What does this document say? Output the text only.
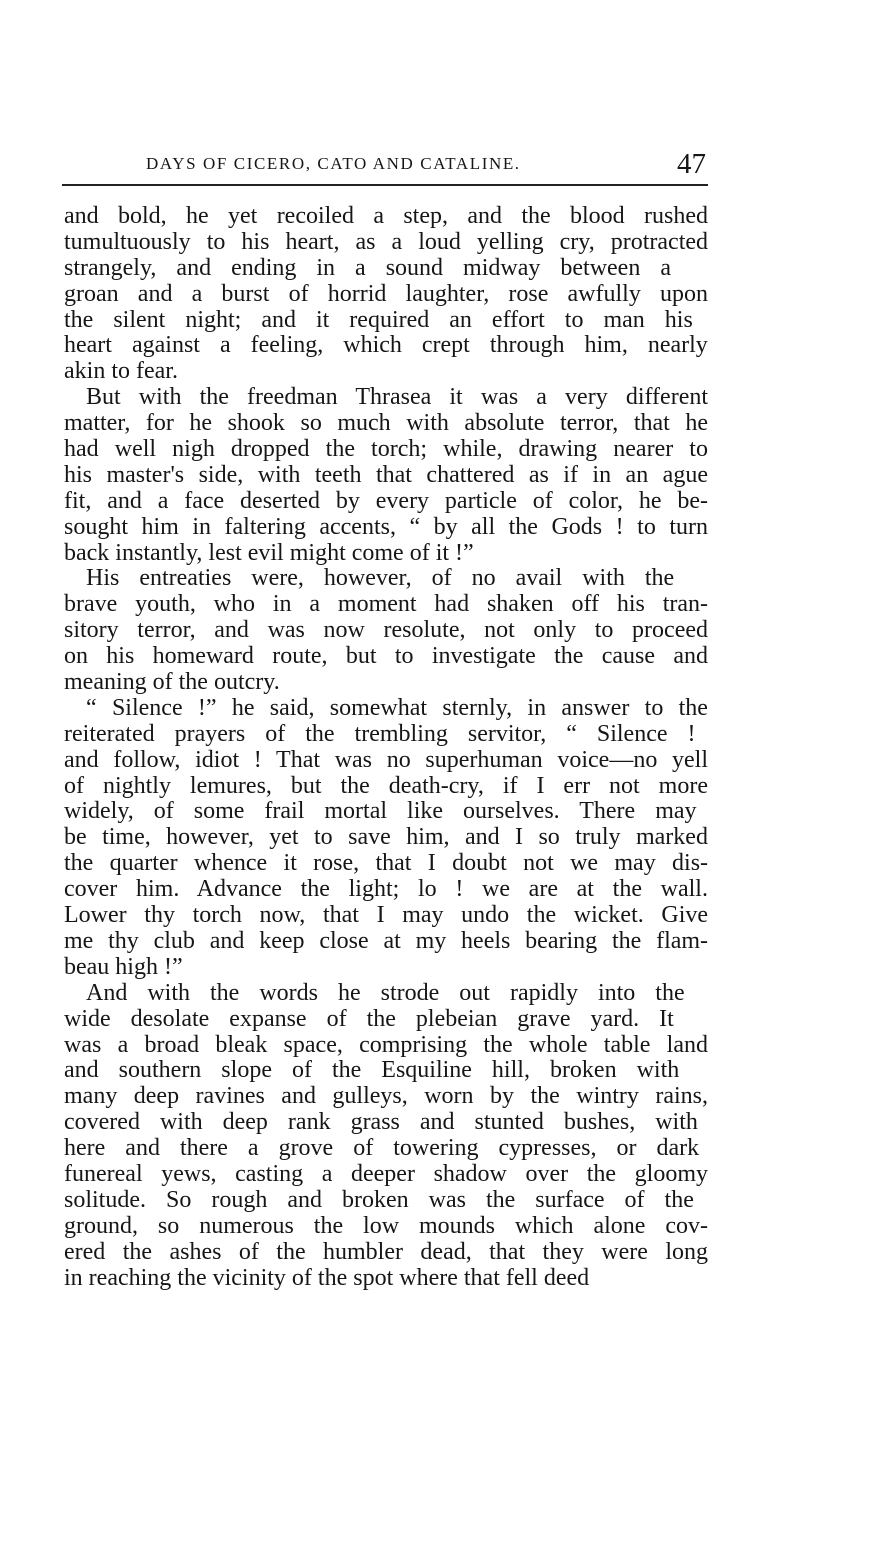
DAYS OF CICERO, CATO AND CATALINE.	47
and bold, he yet recoiled a step, and the blood rushed
tumultuously to his heart, as a loud yelling cry, protracted
strangely, and ending in a sound midway between a
groan and a burst of horrid laughter, rose awfully upon
the silent night; and it required an effort to man his
heart against a feeling, which crept through him, nearly
akin to fear.
But with the freedman Thrasea it was a very different
matter, for he shook so much with absolute terror, that he
had well nigh dropped the torch; while, drawing nearer to
his master's side, with teeth that chattered as if in an ague
fit, and a face deserted by every particle of color, he be-
sought him in faltering accents, “ by all the Gods ! to turn
back instantly, lest evil might come of it !”
His entreaties were, however, of no avail with the
brave youth, who in a moment had shaken off his tran-
sitory terror, and was now resolute, not only to proceed
on his homeward route, but to investigate the cause and
meaning of the outcry.
“ Silence !” he said, somewhat sternly, in answer to the
reiterated prayers of the trembling servitor, “ Silence !
and follow, idiot ! That was no superhuman voice—no yell
of nightly lemures, but the death-cry, if I err not more
widely, of some frail mortal like ourselves. There may
be time, however, yet to save him, and I so truly marked
the quarter whence it rose, that I doubt not we may dis-
cover him. Advance the light; lo ! we are at the wall.
Lower thy torch now, that I may undo the wicket. Give
me thy club and keep close at my heels bearing the flam-
beau high !”
And with the words he strode out rapidly into the
wide desolate expanse of the plebeian grave yard. It
was a broad bleak space, comprising the whole table land
and southern slope of the Esquiline hill, broken with
many deep ravines and gulleys, worn by the wintry rains,
covered with deep rank grass and stunted bushes, with
here and there a grove of towering cypresses, or dark
funereal yews, casting a deeper shadow over the gloomy
solitude. So rough and broken was the surface of the
ground, so numerous the low mounds which alone cov-
ered the ashes of the humbler dead, that they were long
in reaching the vicinity of the spot where that fell deed
